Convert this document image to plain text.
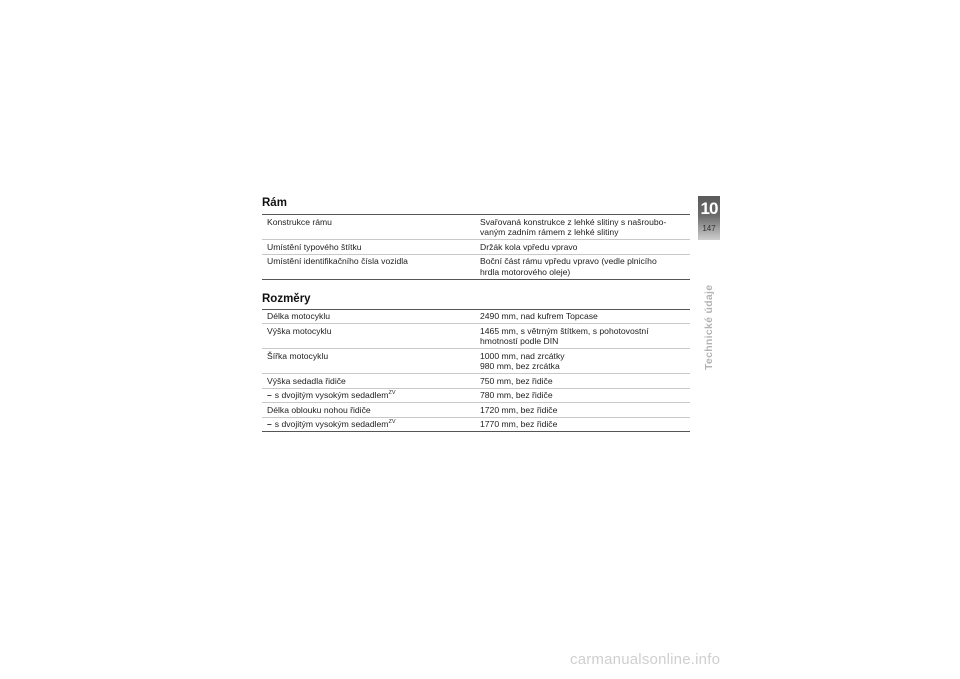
Rám
Konstrukce rámu	Svařovaná konstrukce z lehké slitiny s našroubo-
vaným zadním rámem z lehké slitiny

Umístění typového štítku	Držák kola vpředu vpravo

Umístění identifikačního čísla vozidla	Boční část rámu vpředu vpravo (vedle plnicího
hrdla motorového oleje)
Rozměry
Délka motocyklu	2490 mm, nad kufrem Topcase

Výška motocyklu	1465 mm, s větrným štítkem, s pohotovostní
hmotností podle DIN

Šířka motocyklu	1000 mm, nad zrcátky
980 mm, bez zrcátka

Výška sedadla řidiče	750 mm, bez řidiče

– s dvojitým vysokým sedadlem$^{ZV}$	780 mm, bez řidiče

Délka oblouku nohou řidiče	1720 mm, bez řidiče

– s dvojitým vysokým sedadlem$^{ZV}$	1770 mm, bez řidiče
10
147
Technické údaje
carmanualsonline.info
